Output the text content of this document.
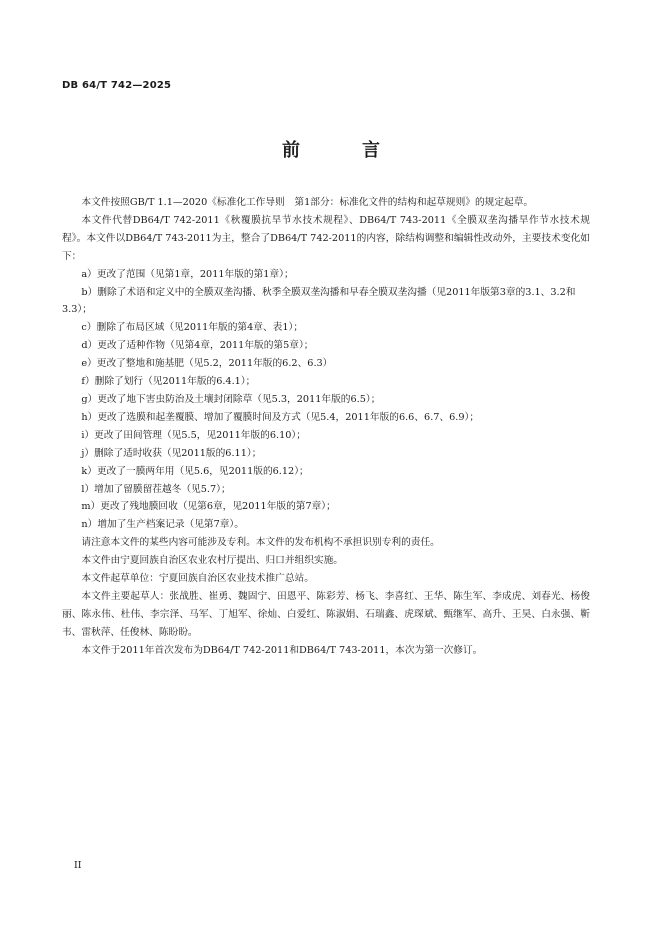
DB 64/T 742—2025
前　言

本文件按照GB/T 1.1—2020《标准化工作导则　第1部分：标准化文件的结构和起草规则》的规定起草。

本文件代替DB64/T 742-2011《秋覆膜抗旱节水技术规程》、DB64/T 743-2011《全膜双垄沟播旱作节水技术规程》。本文件以DB64/T 743-2011为主，整合了DB64/T 742-2011的内容，除结构调整和编辑性改动外，主要技术变化如下：

a）更改了范围（见第1章，2011年版的第1章）；

b）删除了术语和定义中的全膜双垄沟播、秋季全膜双垄沟播和早春全膜双垄沟播（见2011年版第3章的3.1、3.2和3.3）；

c）删除了布局区域（见2011年版的第4章、表1）；

d）更改了适种作物（见第4章，2011年版的第5章）；

e）更改了整地和施基肥（见5.2，2011年版的6.2、6.3）

f）删除了划行（见2011年版的6.4.1）；

g）更改了地下害虫防治及土壤封闭除草（见5.3，2011年版的6.5）；

h）更改了选膜和起垄覆膜、增加了覆膜时间及方式（见5.4，2011年版的6.6、6.7、6.9）；

i）更改了田间管理（见5.5，见2011年版的6.10）；

j）删除了适时收获（见2011版的6.11）；

k）更改了一膜两年用（见5.6，见2011版的6.12）；

l）增加了留膜留茬越冬（见5.7）；

m）更改了残地膜回收（见第6章，见2011年版的第7章）；

n）增加了生产档案记录（见第7章）。

请注意本文件的某些内容可能涉及专利。本文件的发布机构不承担识别专利的责任。

本文件由宁夏回族自治区农业农村厅提出、归口并组织实施。

本文件起草单位：宁夏回族自治区农业技术推广总站。

本文件主要起草人：张战胜、崔勇、魏固宁、田恩平、陈彩芳、杨飞、李喜红、王华、陈生军、李成虎、刘春光、杨俊丽、陈永伟、杜伟、李宗泽、马军、丁旭军、徐灿、白爱红、陈淑娟、石瑞鑫、虎琛斌、甄继军、高升、王昊、白永强、靳韦、雷秋萍、任俊林、陈盼盼。

本文件于2011年首次发布为DB64/T 742-2011和DB64/T 743-2011，本次为第一次修订。

II
